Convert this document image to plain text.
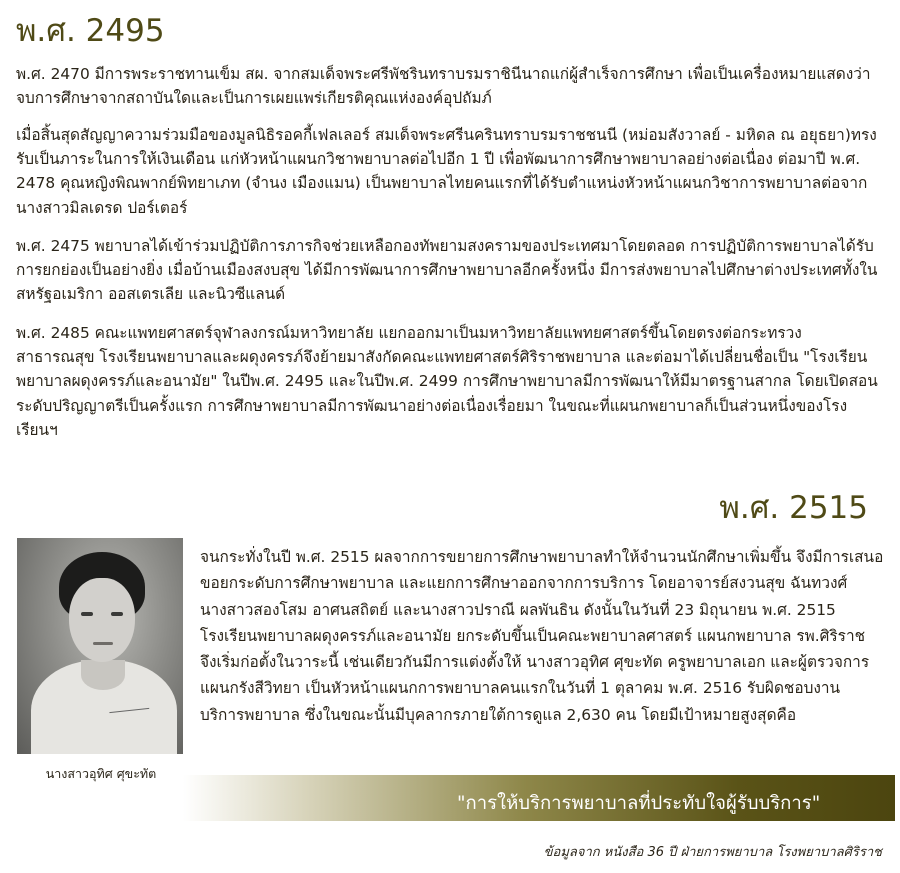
พ.ศ. 2495

พ.ศ. 2470 มีการพระราชทานเข็ม สผ. จากสมเด็จพระศรีพัชรินทราบรมราชินีนาถแก่ผู้สำเร็จการศึกษา เพื่อเป็นเครื่องหมายแสดงว่าจบการศึกษาจากสถาบันใดและเป็นการเผยแพร่เกียรติคุณแห่งองค์อุปถัมภ์

เมื่อสิ้นสุดสัญญาความร่วมมือของมูลนิธิรอคกี้เฟลเลอร์ สมเด็จพระศรีนครินทราบรมราชชนนี (หม่อมสังวาลย์ - มหิดล ณ อยุธยา)ทรงรับเป็นภาระในการให้เงินเดือน แก่หัวหน้าแผนกวิชาพยาบาลต่อไปอีก 1 ปี เพื่อพัฒนาการศึกษาพยาบาลอย่างต่อเนื่อง ต่อมาปี พ.ศ. 2478 คุณหญิงพิณพากย์พิทยาเภท (จำนง เมืองแมน) เป็นพยาบาลไทยคนแรกที่ได้รับตำแหน่งหัวหน้าแผนกวิชาการพยาบาลต่อจากนางสาวมิลเดรด ปอร์เตอร์

พ.ศ. 2475 พยาบาลได้เข้าร่วมปฏิบัติการภารกิจช่วยเหลือกองทัพยามสงครามของประเทศมาโดยตลอด การปฏิบัติการพยาบาลได้รับการยกย่องเป็นอย่างยิ่ง เมื่อบ้านเมืองสงบสุข ได้มีการพัฒนาการศึกษาพยาบาลอีกครั้งหนึ่ง มีการส่งพยาบาลไปศึกษาต่างประเทศทั้งในสหรัฐอเมริกา ออสเตรเลีย และนิวซีแลนด์

พ.ศ. 2485 คณะแพทยศาสตร์จุฬาลงกรณ์มหาวิทยาลัย แยกออกมาเป็นมหาวิทยาลัยแพทยศาสตร์ขึ้นโดยตรงต่อกระทรวงสาธารณสุข โรงเรียนพยาบาลและผดุงครรภ์จึงย้ายมาสังกัดคณะแพทยศาสตร์ศิริราชพยาบาล และต่อมาได้เปลี่ยนชื่อเป็น "โรงเรียนพยาบาลผดุงครรภ์และอนามัย" ในปีพ.ศ. 2495 และในปีพ.ศ. 2499 การศึกษาพยาบาลมีการพัฒนาให้มีมาตรฐานสากล โดยเปิดสอนระดับปริญญาตรีเป็นครั้งแรก การศึกษาพยาบาลมีการพัฒนาอย่างต่อเนื่องเรื่อยมา ในขณะที่แผนกพยาบาลก็เป็นส่วนหนึ่งของโรงเรียนฯ

พ.ศ. 2515

นางสาวอุทิศ ศุขะทัต

จนกระทั่งในปี พ.ศ. 2515 ผลจากการขยายการศึกษาพยาบาลทำให้จำนวนนักศึกษาเพิ่มขึ้น จึงมีการเสนอขอยกระดับการศึกษาพยาบาล และแยกการศึกษาออกจากการบริการ โดยอาจารย์สงวนสุข ฉันทวงศ์ นางสาวสองโสม อาศนสถิตย์ และนางสาวปราณี ผลพันธิน ดังนั้นในวันที่ 23 มิถุนายน พ.ศ. 2515 โรงเรียนพยาบาลผดุงครรภ์และอนามัย ยกระดับขึ้นเป็นคณะพยาบาลศาสตร์ แผนกพยาบาล รพ.ศิริราช จึงเริ่มก่อตั้งในวาระนี้ เช่นเดียวกันมีการแต่งตั้งให้ นางสาวอุทิศ ศุขะทัต ครูพยาบาลเอก และผู้ตรวจการแผนกรังสีวิทยา เป็นหัวหน้าแผนกการพยาบาลคนแรกในวันที่ 1 ตุลาคม พ.ศ. 2516 รับผิดชอบงานบริการพยาบาล ซึ่งในขณะนั้นมีบุคลากรภายใต้การดูแล 2,630 คน โดยมีเป้าหมายสูงสุดคือ

"การให้บริการพยาบาลที่ประทับใจผู้รับบริการ"

ข้อมูลจาก หนังสือ 36 ปี ฝ่ายการพยาบาล โรงพยาบาลศิริราช
